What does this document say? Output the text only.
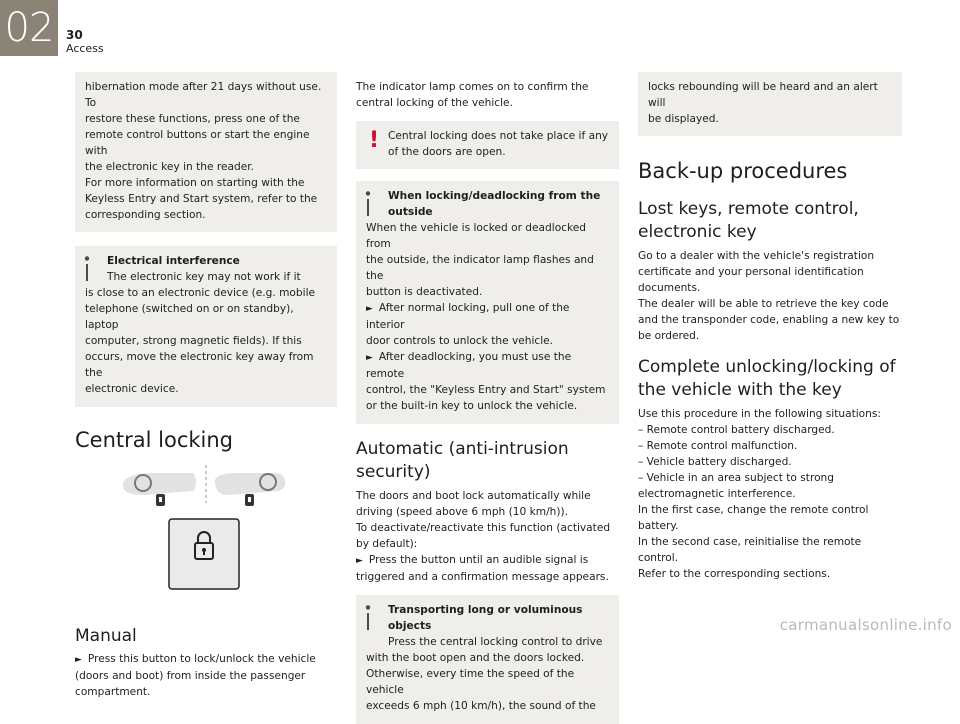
02	30
Access

hibernation mode after 21 days without use. To

restore these functions, press one of the

remote control buttons or start the engine with

the electronic key in the reader.

For more information on starting with the

Keyless Entry and Start system, refer to the

corresponding section.

Electrical interference

The electronic key may not work if it

is close to an electronic device (e.g. mobile

telephone (switched on or on standby), laptop

computer, strong magnetic fields). If this

occurs, move the electronic key away from the

electronic device.

Central locking
Manual

► Press this button to lock/unlock the vehicle

(doors and boot) from inside the passenger

compartment.

The indicator lamp comes on to confirm the

central locking of the vehicle.

! Central locking does not take place if any

of the doors are open.

When locking/deadlocking from the

outside

When the vehicle is locked or deadlocked from

the outside, the indicator lamp flashes and the

button is deactivated.

► After normal locking, pull one of the interior

door controls to unlock the vehicle.

► After deadlocking, you must use the remote

control, the "Keyless Entry and Start" system

or the built-in key to unlock the vehicle.

Automatic (anti-intrusion
security)

The doors and boot lock automatically while

driving (speed above 6 mph (10 km/h)).

To deactivate/reactivate this function (activated

by default):

► Press the button until an audible signal is

triggered and a confirmation message appears.

Transporting long or voluminous objects

Press the central locking control to drive

with the boot open and the doors locked.

Otherwise, every time the speed of the vehicle

exceeds 6 mph (10 km/h), the sound of the

locks rebounding will be heard and an alert will

be displayed.

Back-up procedures
Lost keys, remote control,
electronic key

Go to a dealer with the vehicle's registration

certificate and your personal identification

documents.

The dealer will be able to retrieve the key code

and the transponder code, enabling a new key to

be ordered.

Complete unlocking/locking of
the vehicle with the key

Use this procedure in the following situations:

– Remote control battery discharged.

– Remote control malfunction.

– Vehicle battery discharged.

– Vehicle in an area subject to strong

electromagnetic interference.

In the first case, change the remote control

battery.

In the second case, reinitialise the remote control.

Refer to the corresponding sections.

carmanualsonline.info
